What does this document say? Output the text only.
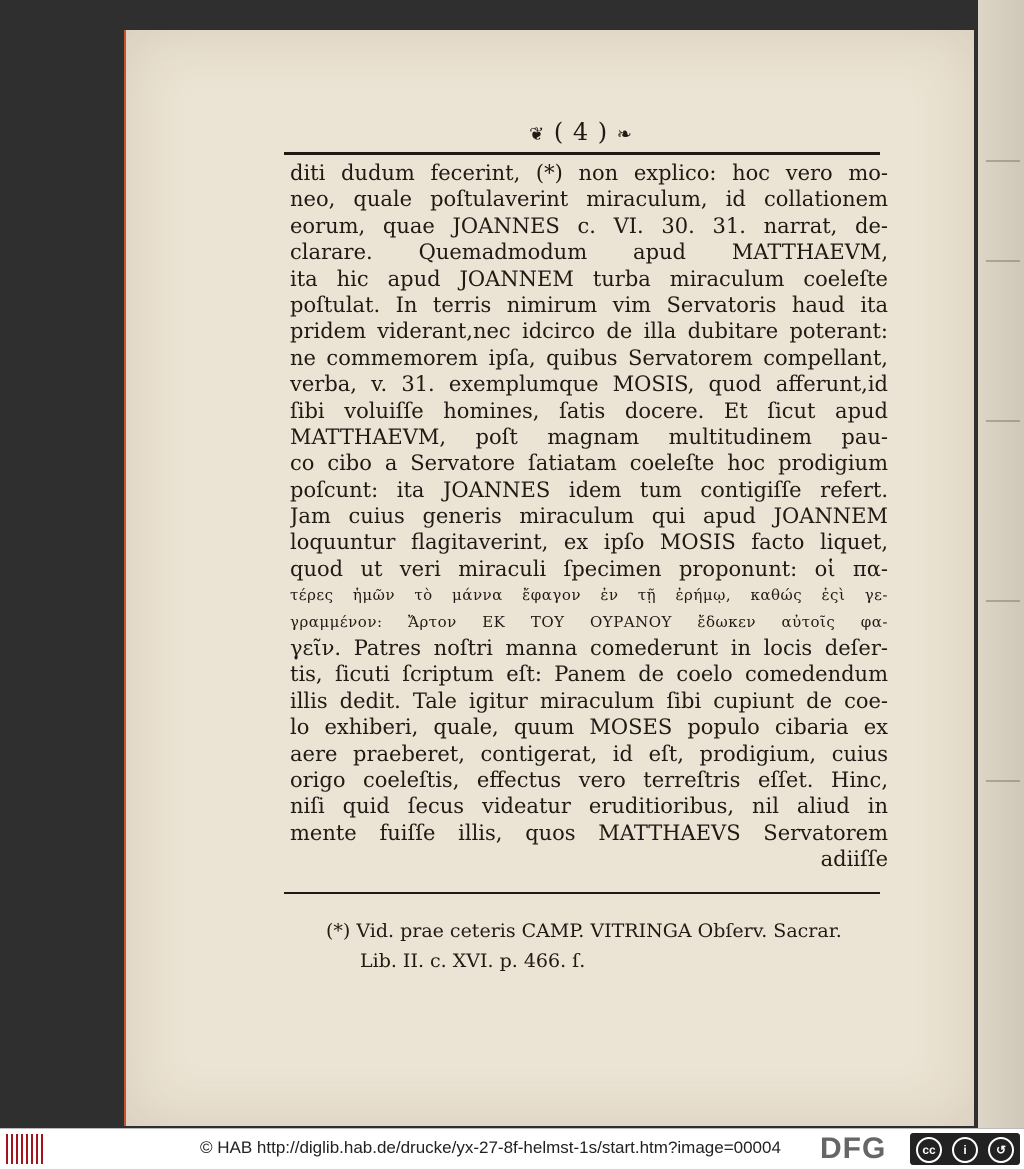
❦ ( 4 ) ❧
diti dudum fecerint, (*) non explico: hoc vero mo-
neo, quale poſtulaverint miraculum, id collationem
eorum, quae JOANNES c. VI. 30. 31. narrat, de-
clarare. Quemadmodum apud MATTHAEVM,
ita hic apud JOANNEM turba miraculum coeleſte
poſtulat. In terris nimirum vim Servatoris haud ita
pridem viderant,nec idcirco de illa dubitare poterant:
ne commemorem ipſa, quibus Servatorem compellant,
verba, v. 31. exemplumque MOSIS, quod afferunt,id
ſibi voluiſſe homines, ſatis docere. Et ſicut apud
MATTHAEVM, poſt magnam multitudinem pau-
co cibo a Servatore ſatiatam coeleſte hoc prodigium
poſcunt: ita JOANNES idem tum contigiſſe refert.
Jam cuius generis miraculum qui apud JOANNEM
loquuntur flagitaverint, ex ipſo MOSIS facto liquet,
quod ut veri miraculi ſpecimen proponunt: οἱ πα-
τέρες ἡμῶν τὸ μάννα ἔφαγον ἐν τῇ ἐρήμῳ, καθώς ἐςὶ γε-
γραμμένον: Ἄρτον ΕΚ ΤΟΥ ΟΥΡΑΝΟΥ ἔδωκεν αὐτοῖς φα-
γεῖν. Patres noſtri manna comederunt in locis deſer-
tis, ſicuti ſcriptum eſt: Panem de coelo comedendum
illis dedit. Tale igitur miraculum ſibi cupiunt de coe-
lo exhiberi, quale, quum MOSES populo cibaria ex
aere praeberet, contigerat, id eſt, prodigium, cuius
origo coeleſtis, effectus vero terreſtris eſſet. Hinc,
niſi quid ſecus videatur eruditioribus, nil aliud in
mente fuiſſe illis, quos MATTHAEVS Servatorem
adiiſſe
(*) Vid. prae ceteris CAMP. VITRINGA Obſerv. Sacrar.
Lib. II. c. XVI. p. 466. ſ.
© HAB http://diglib.hab.de/drucke/yx-27-8f-helmst-1s/start.htm?image=00004 DFG	cc	i	↺
